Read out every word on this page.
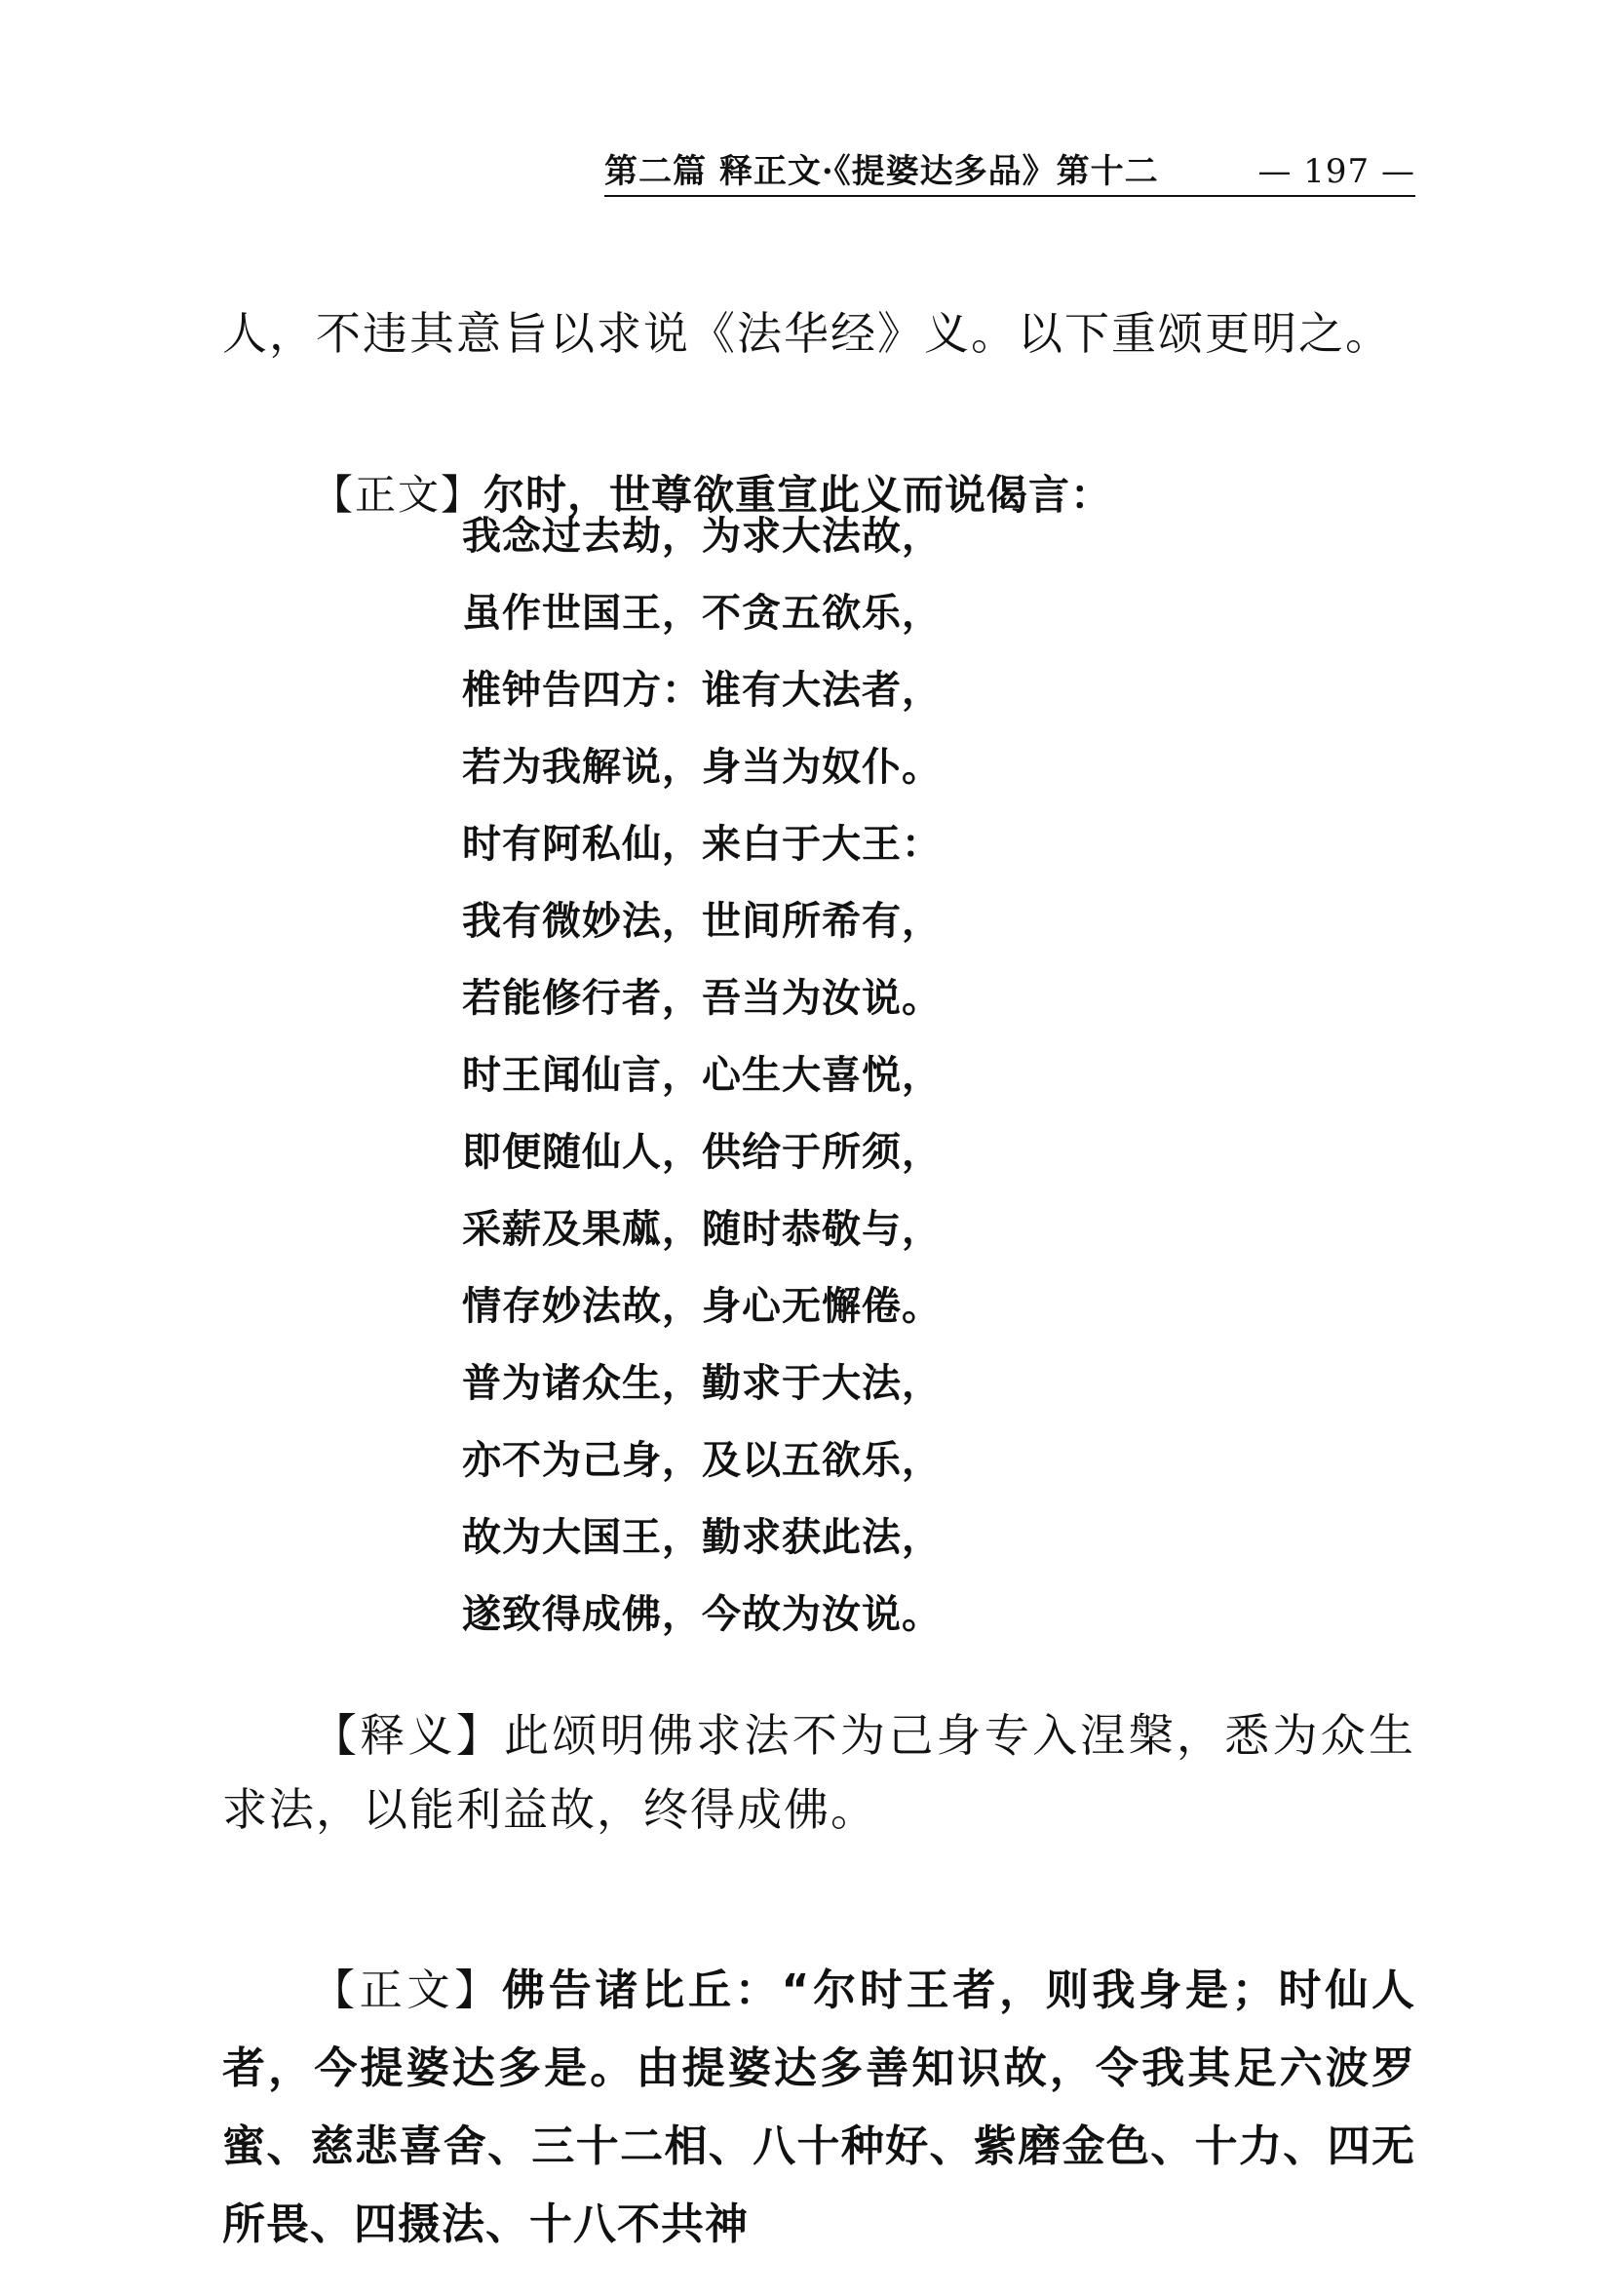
第二篇 释正文·《提婆达多品》第十二	— 197 —

人，不违其意旨以求说《法华经》义。以下重颂更明之。

【正文】尔时，世尊欲重宣此义而说偈言：

我念过去劫，为求大法故，
虽作世国王，不贪五欲乐，
椎钟告四方：谁有大法者，
若为我解说，身当为奴仆。
时有阿私仙，来白于大王：
我有微妙法，世间所希有，
若能修行者，吾当为汝说。
时王闻仙言，心生大喜悦，
即便随仙人，供给于所须，
采薪及果蓏，随时恭敬与，
情存妙法故，身心无懈倦。
普为诸众生，勤求于大法，
亦不为己身，及以五欲乐，
故为大国王，勤求获此法，
遂致得成佛，今故为汝说。

【释义】此颂明佛求法不为己身专入涅槃，悉为众生求法，以能利益故，终得成佛。

【正文】佛告诸比丘：“尔时王者，则我身是；时仙人者，今提婆达多是。由提婆达多善知识故，令我其足六波罗蜜、慈悲喜舍、三十二相、八十种好、紫磨金色、十力、四无所畏、四摄法、十八不共神
